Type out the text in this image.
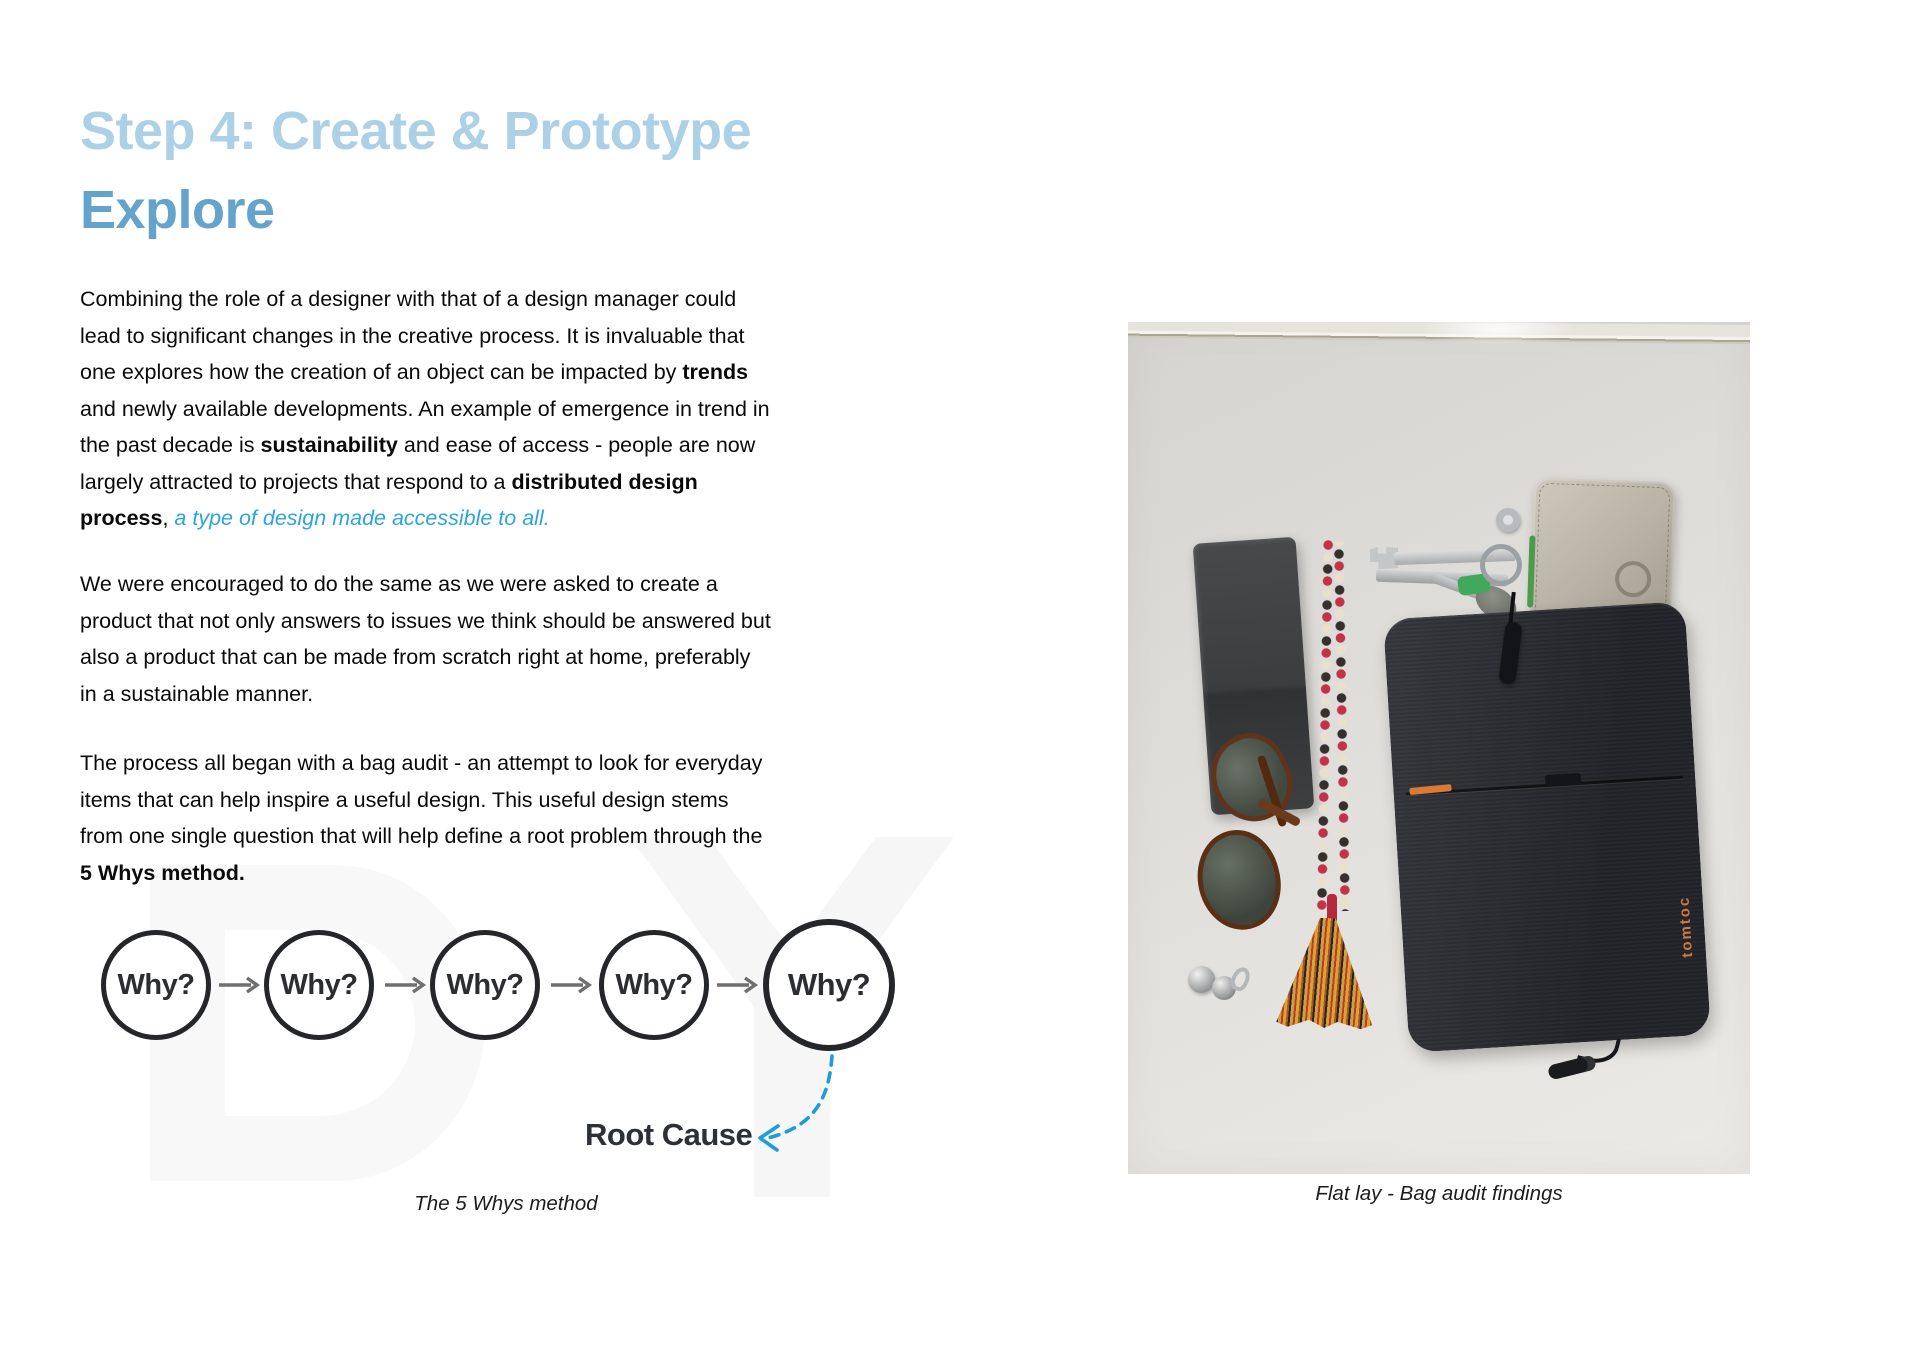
Step 4: Create & Prototype
Explore

Combining the role of a designer with that of a design manager could lead to significant changes in the creative process. It is invaluable that one explores how the creation of an object can be impacted by trends and newly available developments. An example of emergence in trend in the past decade is sustainability and ease of access - people are now largely attracted to projects that respond to a distributed design process, a type of design made accessible to all.

We were encouraged to do the same as we were asked to create a product that not only answers to issues we think should be answered but also a product that can be made from scratch right at home, preferably in a sustainable manner.

The process all began with a bag audit - an attempt to look for everyday items that can help inspire a useful design. This useful design stems from one single question that will help define a root problem through the 5 Whys method.

Why?	Why?	Why?	Why?	Why?
Root Cause
The 5 Whys method
tomtoc
Flat lay - Bag audit findings
